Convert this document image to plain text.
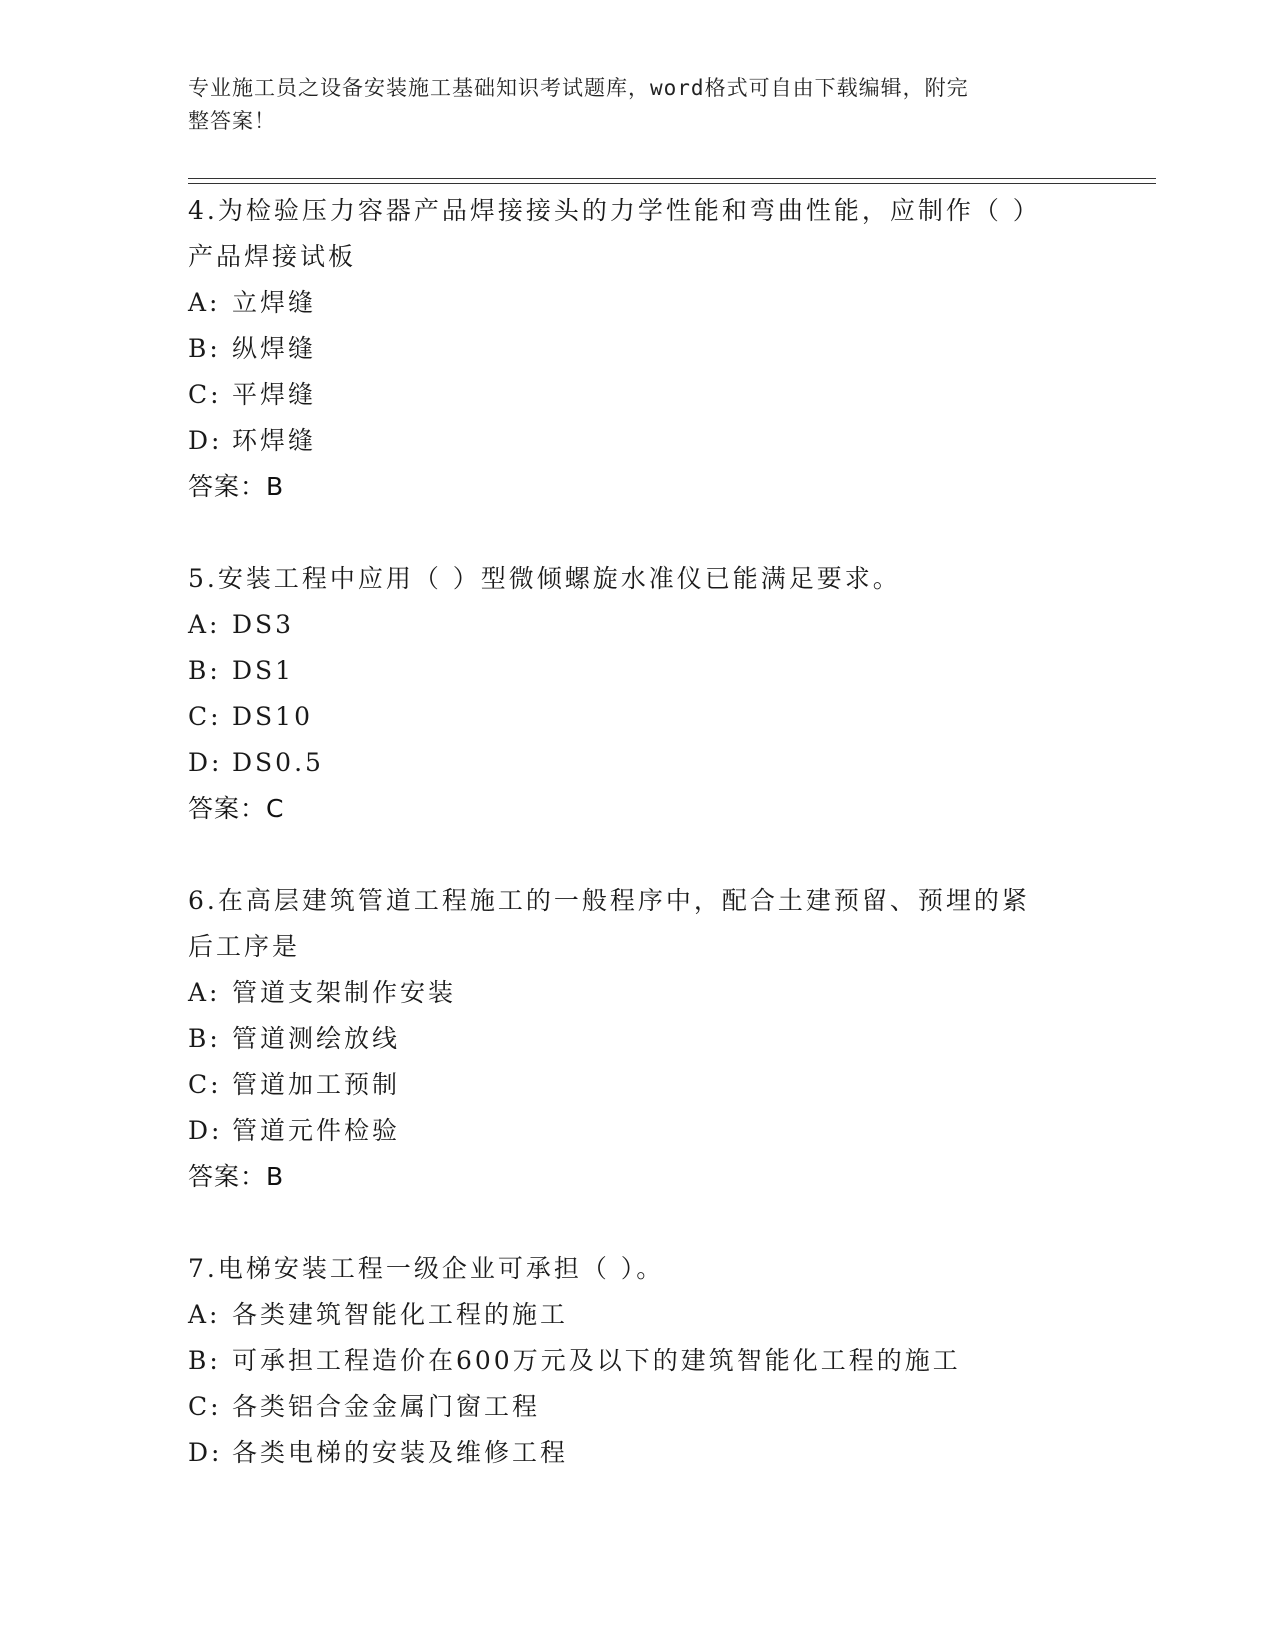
专业施工员之设备安装施工基础知识考试题库，word格式可自由下载编辑，附完
整答案！
4.为检验压力容器产品焊接接头的力学性能和弯曲性能，应制作（ ）
产品焊接试板
A: 立焊缝
B: 纵焊缝
C: 平焊缝
D: 环焊缝
答案：B
5.安装工程中应用（ ）型微倾螺旋水准仪已能满足要求。
A: DS3
B: DS1
C: DS10
D: DS0.5
答案：C
6.在高层建筑管道工程施工的一般程序中，配合土建预留、预埋的紧
后工序是
A: 管道支架制作安装
B: 管道测绘放线
C: 管道加工预制
D: 管道元件检验
答案：B
7.电梯安装工程一级企业可承担（ ）。
A: 各类建筑智能化工程的施工
B: 可承担工程造价在600万元及以下的建筑智能化工程的施工
C: 各类铝合金金属门窗工程
D: 各类电梯的安装及维修工程
